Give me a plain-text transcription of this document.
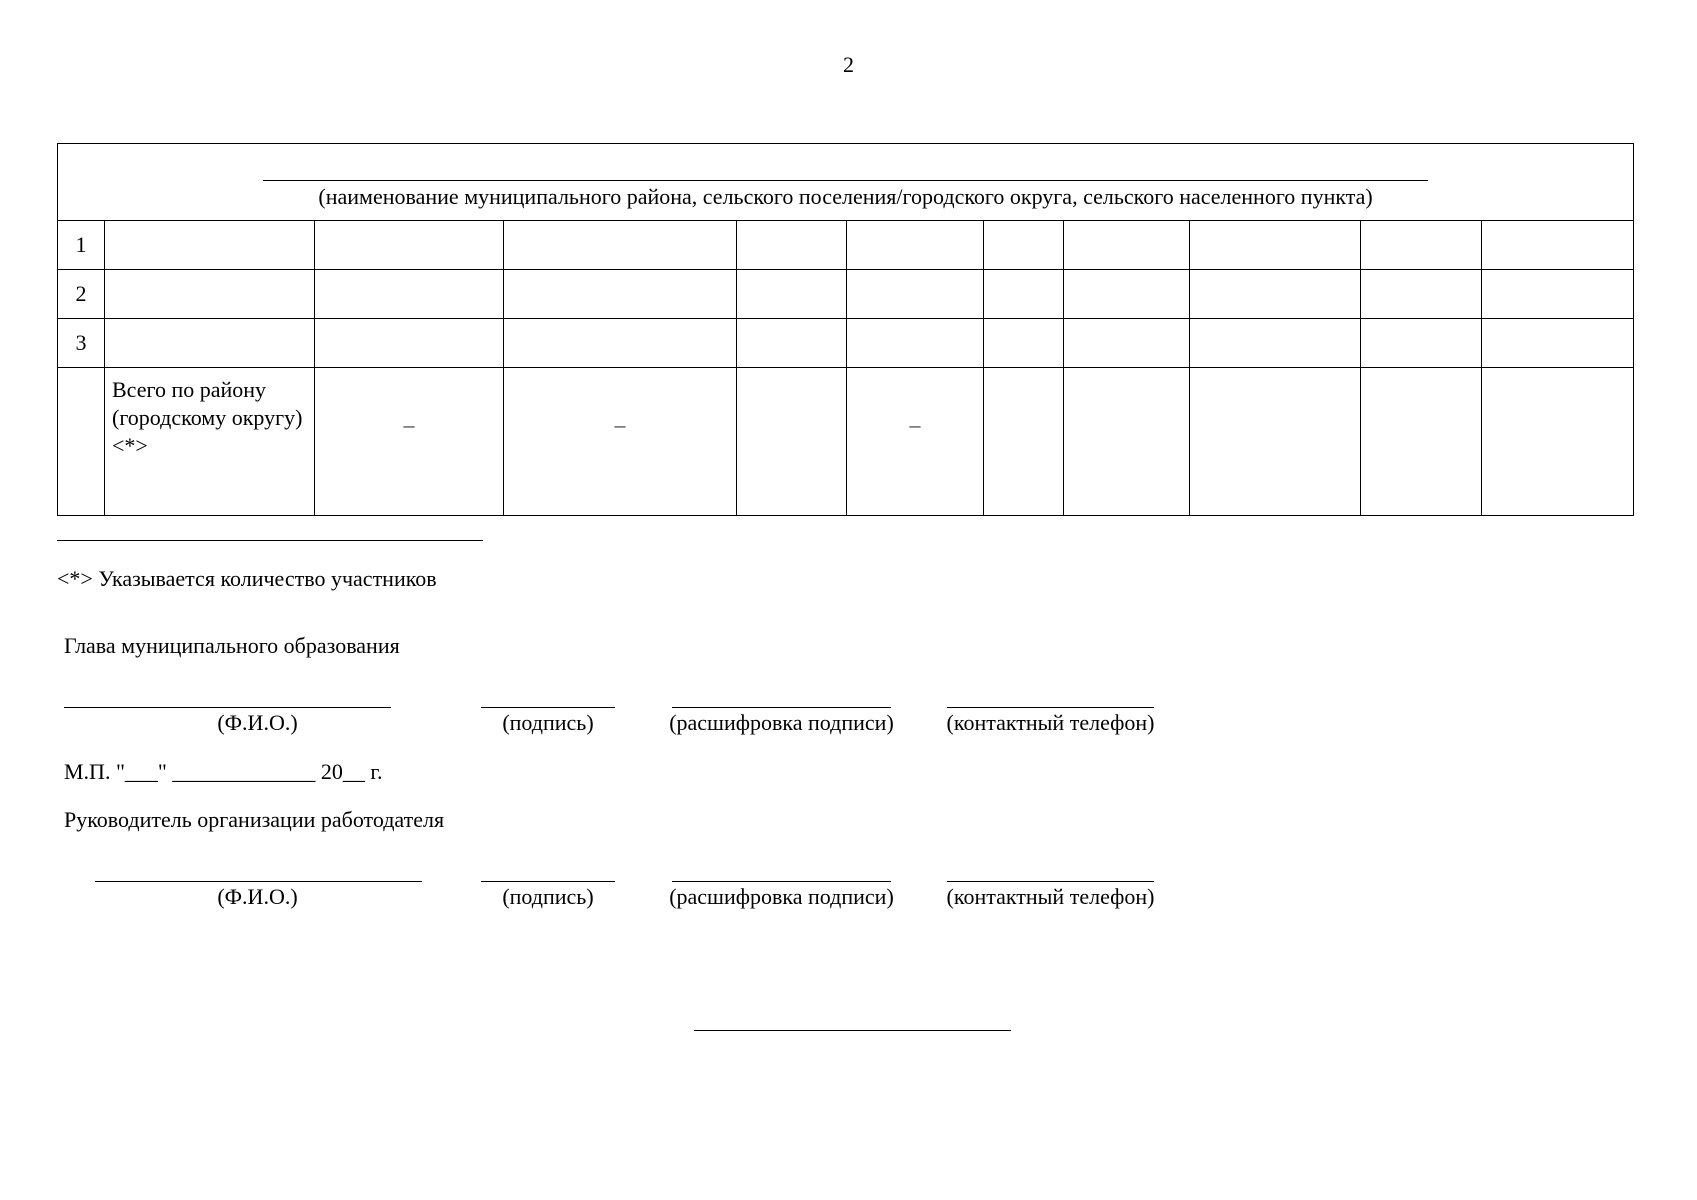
2
(наименование муниципального района, сельского поселения/городского округа, сельского населенного пункта)										

1										
2										
3										
	Всего по району (городскому округу) <*>	–	–		–					
<*> Указывается количество участников
Глава муниципального образования
(Ф.И.О.)	(подпись)	(расшифровка подписи)	(контактный телефон)
М.П. "___" _____________ 20__ г.
Руководитель организации работодателя
(Ф.И.О.)	(подпись)	(расшифровка подписи)	(контактный телефон)
